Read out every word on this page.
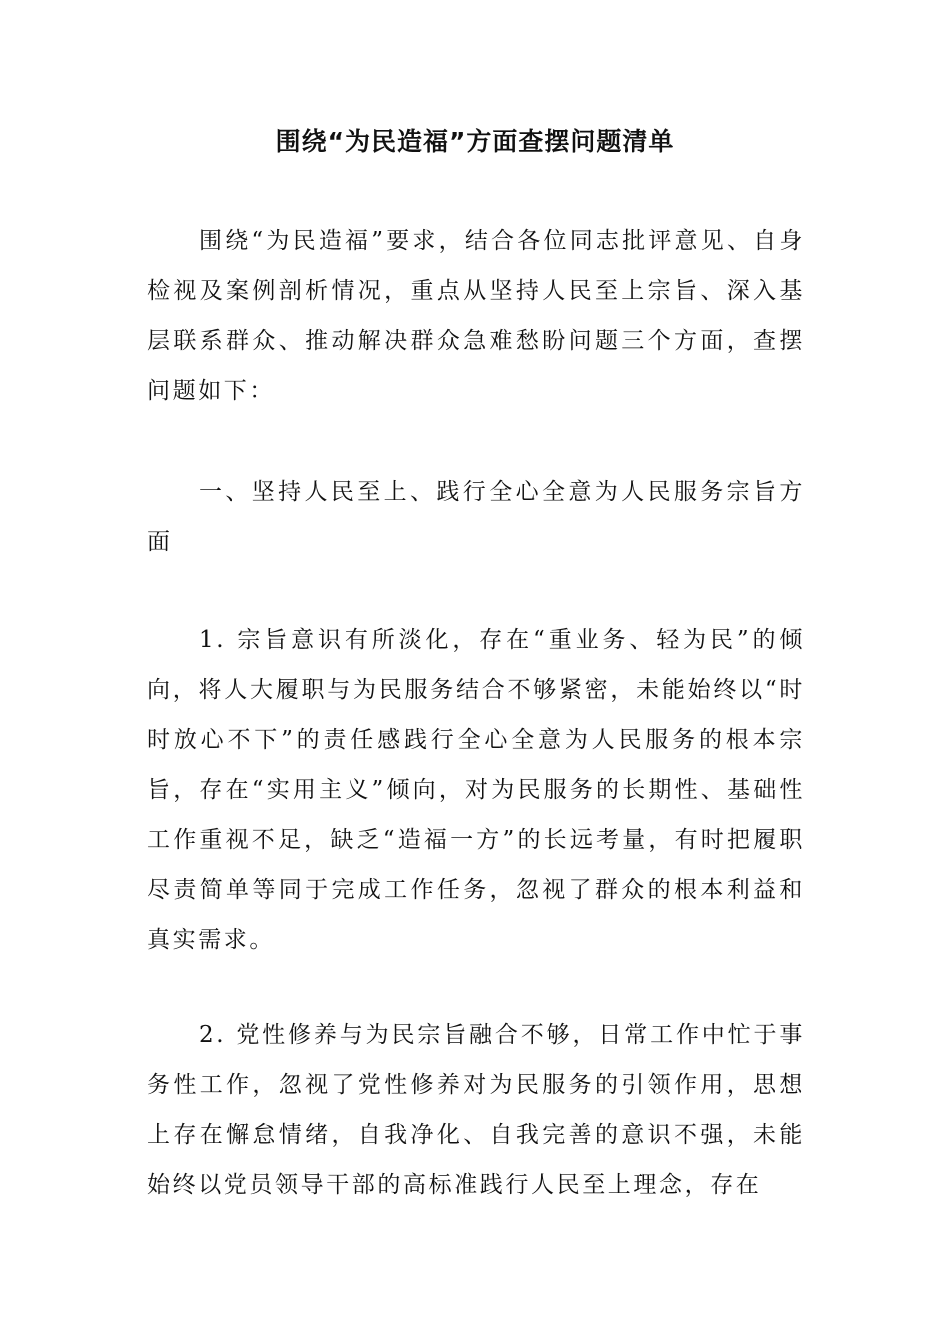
围绕“为民造福”方面查摆问题清单

围绕“为民造福”要求，结合各位同志批评意见、自身检视及案例剖析情况，重点从坚持人民至上宗旨、深入基层联系群众、推动解决群众急难愁盼问题三个方面，查摆问题如下：

一、坚持人民至上、践行全心全意为人民服务宗旨方面

1. 宗旨意识有所淡化，存在“重业务、轻为民”的倾向，将人大履职与为民服务结合不够紧密，未能始终以“时时放心不下”的责任感践行全心全意为人民服务的根本宗旨，存在“实用主义”倾向，对为民服务的长期性、基础性工作重视不足，缺乏“造福一方”的长远考量，有时把履职尽责简单等同于完成工作任务，忽视了群众的根本利益和真实需求。

2. 党性修养与为民宗旨融合不够，日常工作中忙于事务性工作，忽视了党性修养对为民服务的引领作用，思想上存在懈怠情绪，自我净化、自我完善的意识不强，未能始终以党员领导干部的高标准践行人民至上理念，存在
